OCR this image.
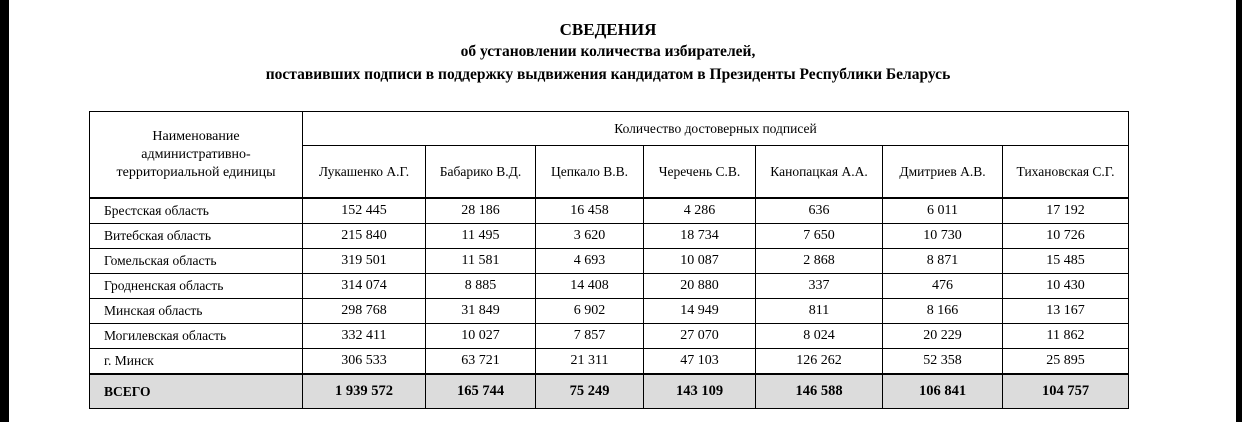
СВЕДЕНИЯ
об установлении количества избирателей,
поставивших подписи в поддержку выдвижения кандидатом в Президенты Республики Беларусь
Наименование административно-территориальной единицы	Количество достоверных подписей						
	Лукашенко А.Г.	Бабарико В.Д.	Цепкало В.В.	Черечень С.В.	Канопацкая А.А.	Дмитриев А.В.	Тихановская С.Г.
Брестская область	152 445	28 186	16 458	4 286	636	6 011	17 192
Витебская область	215 840	11 495	3 620	18 734	7 650	10 730	10 726
Гомельская область	319 501	11 581	4 693	10 087	2 868	8 871	15 485
Гродненская область	314 074	8 885	14 408	20 880	337	476	10 430
Минская область	298 768	31 849	6 902	14 949	811	8 166	13 167
Могилевская область	332 411	10 027	7 857	27 070	8 024	20 229	11 862
г. Минск	306 533	63 721	21 311	47 103	126 262	52 358	25 895
ВСЕГО	1 939 572	165 744	75 249	143 109	146 588	106 841	104 757
